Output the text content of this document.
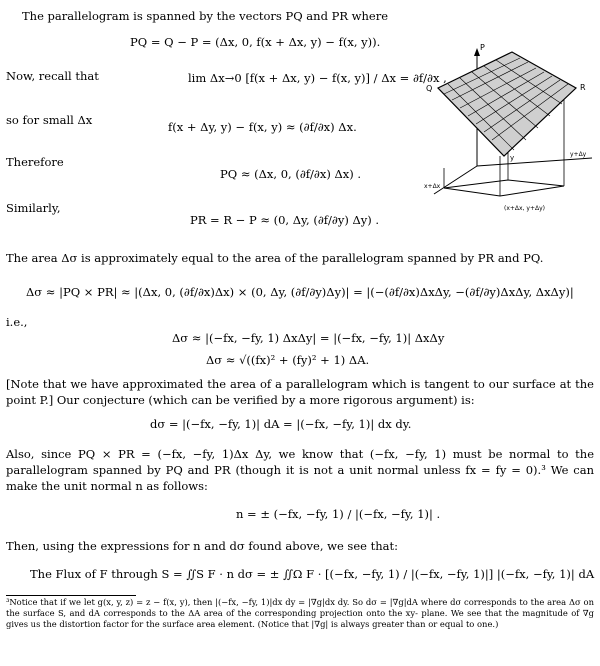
The parallelogram is spanned by the vectors PQ and PR where
PQ = Q − P = (Δx, 0, f(x + Δx, y) − f(x, y)).
Now, recall that	lim Δx→0 [f(x + Δx, y) − f(x, y)] / Δx = ∂f/∂x ,
so for small Δx	f(x + Δy, y) − f(x, y) ≈ (∂f/∂x) Δx.
Therefore
PQ ≈ (Δx, 0, (∂f/∂x) Δx) .
Similarly,
PR = R − P ≈ (0, Δy, (∂f/∂y) Δy) .
P
Q	R
y	y+Δy
x+Δx
(x+Δx, y+Δy)
The area Δσ is approximately equal to the area of the parallelogram spanned by PR and PQ.
Δσ ≈ |PQ × PR| ≈ |(Δx, 0, (∂f/∂x)Δx) × (0, Δy, (∂f/∂y)Δy)| = |(−(∂f/∂x)ΔxΔy, −(∂f/∂y)ΔxΔy, ΔxΔy)|
i.e.,
Δσ ≈ |(−fx, −fy, 1) ΔxΔy| = |(−fx, −fy, 1)| ΔxΔy
Δσ ≈ √((fx)² + (fy)² + 1) ΔA.
[Note that we have approximated the area of a parallelogram which is tangent to our surface at the point P.] Our conjecture (which can be verified by a more rigorous argument) is:
dσ = |(−fx, −fy, 1)| dA = |(−fx, −fy, 1)| dx dy.
Also, since PQ × PR = (−fx, −fy, 1)Δx Δy, we know that (−fx, −fy, 1) must be normal to the parallelogram spanned by PQ and PR (though it is not a unit normal unless fx = fy = 0).³ We can make the unit normal n as follows:
n = ± (−fx, −fy, 1) / |(−fx, −fy, 1)| .
Then, using the expressions for n and dσ found above, we see that:
The Flux of F through S = ∬S F · n dσ = ± ∬Ω F · [(−fx, −fy, 1) / |(−fx, −fy, 1)|] |(−fx, −fy, 1)| dA
³Notice that if we let g(x, y, z) = z − f(x, y), then |(−fx, −fy, 1)|dx dy = |∇g|dx dy. So dσ = |∇g|dA where dσ corresponds to the area Δσ on the surface S, and dA corresponds to the ΔA area of the corresponding projection onto the xy- plane. We see that the magnitude of ∇g gives us the distortion factor for the surface area element. (Notice that |∇g| is always greater than or equal to one.)
